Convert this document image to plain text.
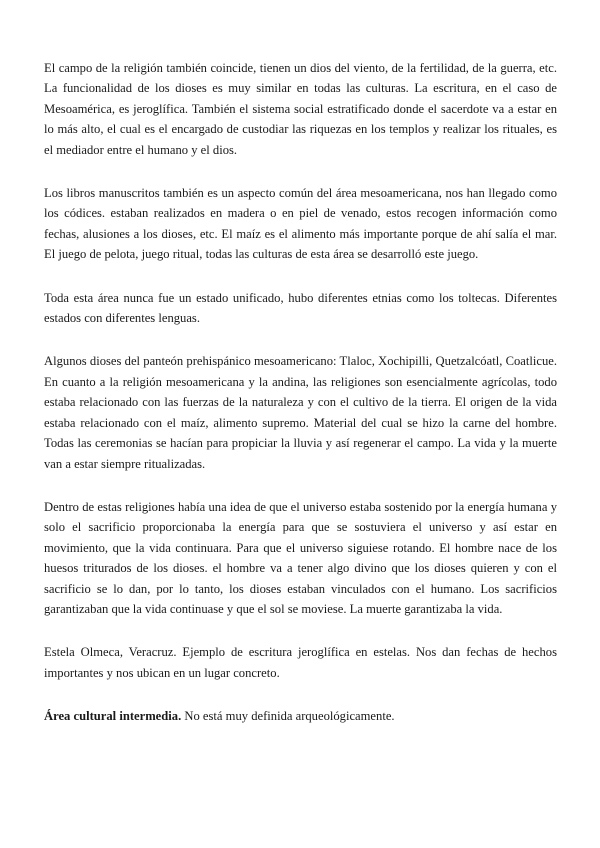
El campo de la religión también coincide, tienen un dios del viento, de la fertilidad, de la guerra, etc. La funcionalidad de los dioses es muy similar en todas las culturas. La escritura, en el caso de Mesoamérica, es jeroglífica. También el sistema social estratificado donde el sacerdote va a estar en lo más alto, el cual es el encargado de custodiar las riquezas en los templos y realizar los rituales, es el mediador entre el humano y el dios.

Los libros manuscritos también es un aspecto común del área mesoamericana, nos han llegado como los códices. estaban realizados en madera o en piel de venado, estos recogen información como fechas, alusiones a los dioses, etc. El maíz es el alimento más importante porque de ahí salía el mar. El juego de pelota, juego ritual, todas las culturas de esta área se desarrolló este juego.

Toda esta área nunca fue un estado unificado, hubo diferentes etnias como los toltecas. Diferentes estados con diferentes lenguas.

Algunos dioses del panteón prehispánico mesoamericano: Tlaloc, Xochipilli, Quetzalcóatl, Coatlicue. En cuanto a la religión mesoamericana y la andina, las religiones son esencialmente agrícolas, todo estaba relacionado con las fuerzas de la naturaleza y con el cultivo de la tierra. El origen de la vida estaba relacionado con el maíz, alimento supremo. Material del cual se hizo la carne del hombre. Todas las ceremonias se hacían para propiciar la lluvia y así regenerar el campo. La vida y la muerte van a estar siempre ritualizadas.

Dentro de estas religiones había una idea de que el universo estaba sostenido por la energía humana y solo el sacrificio proporcionaba la energía para que se sostuviera el universo y así estar en movimiento, que la vida continuara. Para que el universo siguiese rotando. El hombre nace de los huesos triturados de los dioses. el hombre va a tener algo divino que los dioses quieren y con el sacrificio se lo dan, por lo tanto, los dioses estaban vinculados con el humano. Los sacrificios garantizaban que la vida continuase y que el sol se moviese. La muerte garantizaba la vida.

Estela Olmeca, Veracruz. Ejemplo de escritura jeroglífica en estelas. Nos dan fechas de hechos importantes y nos ubican en un lugar concreto.

Área cultural intermedia. No está muy definida arqueológicamente.
